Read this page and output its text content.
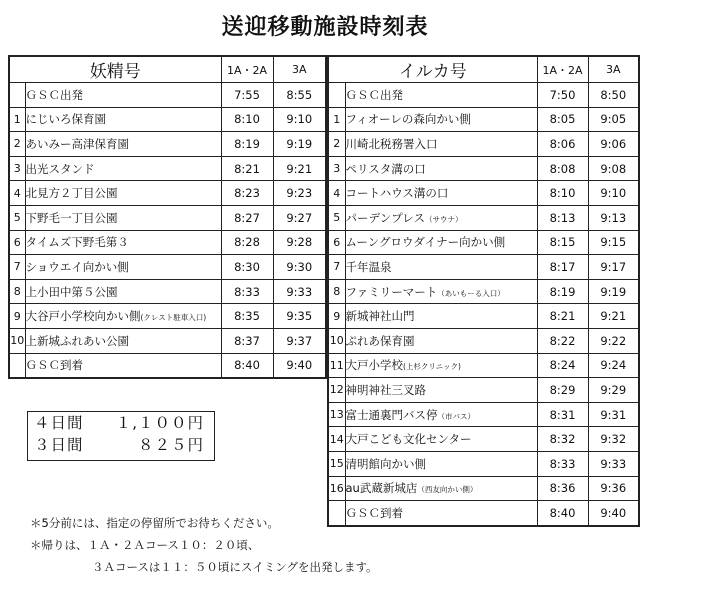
送迎移動施設時刻表
妖精号		1A・2A	3A
	ＧＳＣ出発	7:55	8:55
1	にじいろ保育園	8:10	9:10
2	あいみー高津保育園	8:19	9:19
3	出光スタンド	8:21	9:21
4	北見方２丁目公園	8:23	9:23
5	下野毛一丁目公園	8:27	9:27
6	タイムズ下野毛第３	8:28	9:28
7	ショウエイ向かい側	8:30	9:30
8	上小田中第５公園	8:33	9:33
9	大谷戸小学校向かい側(クレスト駐車入口)	8:35	9:35
10	上新城ふれあい公園	8:37	9:37
	ＧＳＣ到着	8:40	9:40
イルカ号		1A・2A	3A
	ＧＳＣ出発	7:50	8:50
1	フィオーレの森向かい側	8:05	9:05
2	川崎北税務署入口	8:06	9:06
3	ペリスタ溝の口	8:08	9:08
4	コートハウス溝の口	8:10	9:10
5	パーデンプレス（サウナ）	8:13	9:13
6	ムーングロウダイナー向かい側	8:15	9:15
7	千年温泉	8:17	9:17
8	ファミリーマート（あいもーる入口）	8:19	9:19
9	新城神社山門	8:21	9:21
10	ぷれあ保育園	8:22	9:22
11	大戸小学校(上杉クリニック)	8:24	9:24
12	神明神社三叉路	8:29	9:29
13	富士通裏門バス停（市バス）	8:31	9:31
14	大戸こども文化センター	8:32	9:32
15	清明館向かい側	8:33	9:33
16	au武蔵新城店（西友向かい側）	8:36	9:36
	ＧＳＣ到着	8:40	9:40
４日間	１,１００円
３日間	８２５円
＊5分前には、指定の停留所でお待ちください。
＊帰りは、１Ａ・２Ａコース１０：２０頃、
３Ａコースは１１：５０頃にスイミングを出発します。
